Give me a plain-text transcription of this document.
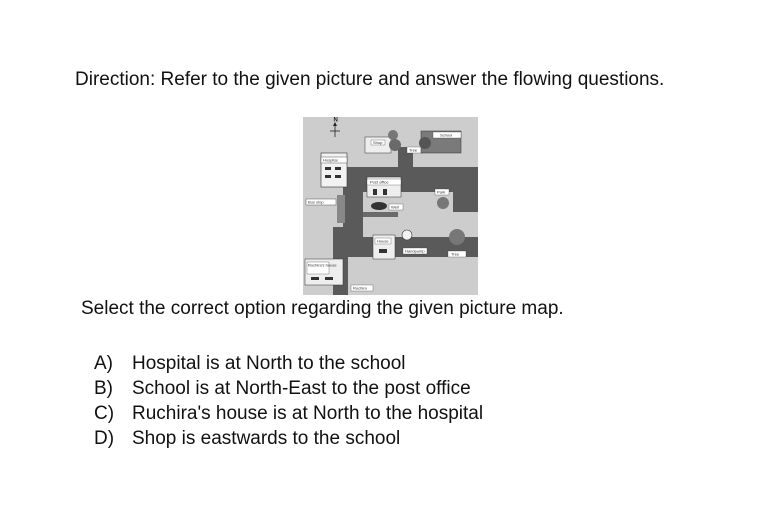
Direction: Refer to the given picture and answer the flowing questions.
N
Hospital
Bus stop
Shop
Tree
School
Post office
Well
Park
House
Handpump
Tree
Ruchira's house
Ruchira
Select the correct option regarding the given picture map.
A)	Hospital is at North to the school
B)	School is at North-East to the post office
C) Ruchira's house is at North to the hospital
D) Shop is eastwards to the school
